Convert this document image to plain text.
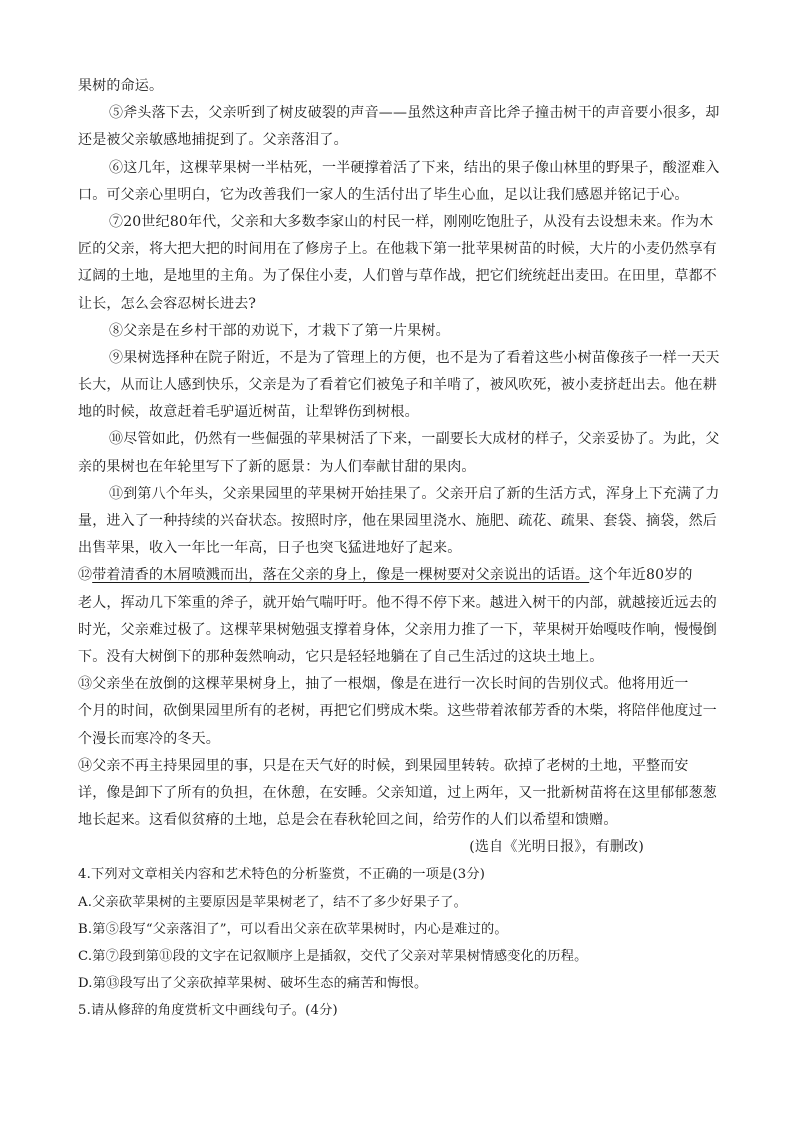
果树的命运。
⑤斧头落下去，父亲听到了树皮破裂的声音——虽然这种声音比斧子撞击树干的声音要小很多，却
还是被父亲敏感地捕捉到了。父亲落泪了。
⑥这几年，这棵苹果树一半枯死，一半硬撑着活了下来，结出的果子像山林里的野果子，酸涩难入
口。可父亲心里明白，它为改善我们一家人的生活付出了毕生心血，足以让我们感恩并铭记于心。
⑦20世纪80年代，父亲和大多数李家山的村民一样，刚刚吃饱肚子，从没有去设想未来。作为木
匠的父亲，将大把大把的时间用在了修房子上。在他栽下第一批苹果树苗的时候，大片的小麦仍然享有
辽阔的土地，是地里的主角。为了保住小麦，人们曾与草作战，把它们统统赶出麦田。在田里，草都不
让长，怎么会容忍树长进去?
⑧父亲是在乡村干部的劝说下，才栽下了第一片果树。
⑨果树选择种在院子附近，不是为了管理上的方便，也不是为了看着这些小树苗像孩子一样一天天
长大，从而让人感到快乐，父亲是为了看着它们被兔子和羊啃了，被风吹死，被小麦挤赶出去。他在耕
地的时候，故意赶着毛驴逼近树苗，让犁铧伤到树根。
⑩尽管如此，仍然有一些倔强的苹果树活了下来，一副要长大成材的样子，父亲妥协了。为此，父
亲的果树也在年轮里写下了新的愿景：为人们奉献甘甜的果肉。
⑪到第八个年头，父亲果园里的苹果树开始挂果了。父亲开启了新的生活方式，浑身上下充满了力
量，进入了一种持续的兴奋状态。按照时序，他在果园里浇水、施肥、疏花、疏果、套袋、摘袋，然后
出售苹果，收入一年比一年高，日子也突飞猛进地好了起来。
⑫带着清香的木屑喷溅而出，落在父亲的身上，像是一棵树要对父亲说出的话语。这个年近80岁的
老人，挥动几下笨重的斧子，就开始气喘吁吁。他不得不停下来。越进入树干的内部，就越接近远去的
时光，父亲难过极了。这棵苹果树勉强支撑着身体，父亲用力推了一下，苹果树开始嘎吱作响，慢慢倒
下。没有大树倒下的那种轰然响动，它只是轻轻地躺在了自己生活过的这块土地上。
⑬父亲坐在放倒的这棵苹果树身上，抽了一根烟，像是在进行一次长时间的告别仪式。他将用近一
个月的时间，砍倒果园里所有的老树，再把它们劈成木柴。这些带着浓郁芳香的木柴，将陪伴他度过一
个漫长而寒冷的冬天。
⑭父亲不再主持果园里的事，只是在天气好的时候，到果园里转转。砍掉了老树的土地，平整而安
详，像是卸下了所有的负担，在休憩，在安睡。父亲知道，过上两年，又一批新树苗将在这里郁郁葱葱
地长起来。这看似贫瘠的土地，总是会在春秋轮回之间，给劳作的人们以希望和馈赠。
(选自《光明日报》，有删改)
4.下列对文章相关内容和艺术特色的分析鉴赏，不正确的一项是(3分)
A.父亲砍苹果树的主要原因是苹果树老了，结不了多少好果子了。
B.第⑤段写“父亲落泪了”，可以看出父亲在砍苹果树时，内心是难过的。
C.第⑦段到第⑪段的文字在记叙顺序上是插叙，交代了父亲对苹果树情感变化的历程。
D.第⑬段写出了父亲砍掉苹果树、破坏生态的痛苦和悔恨。
5.请从修辞的角度赏析文中画线句子。(4分)
